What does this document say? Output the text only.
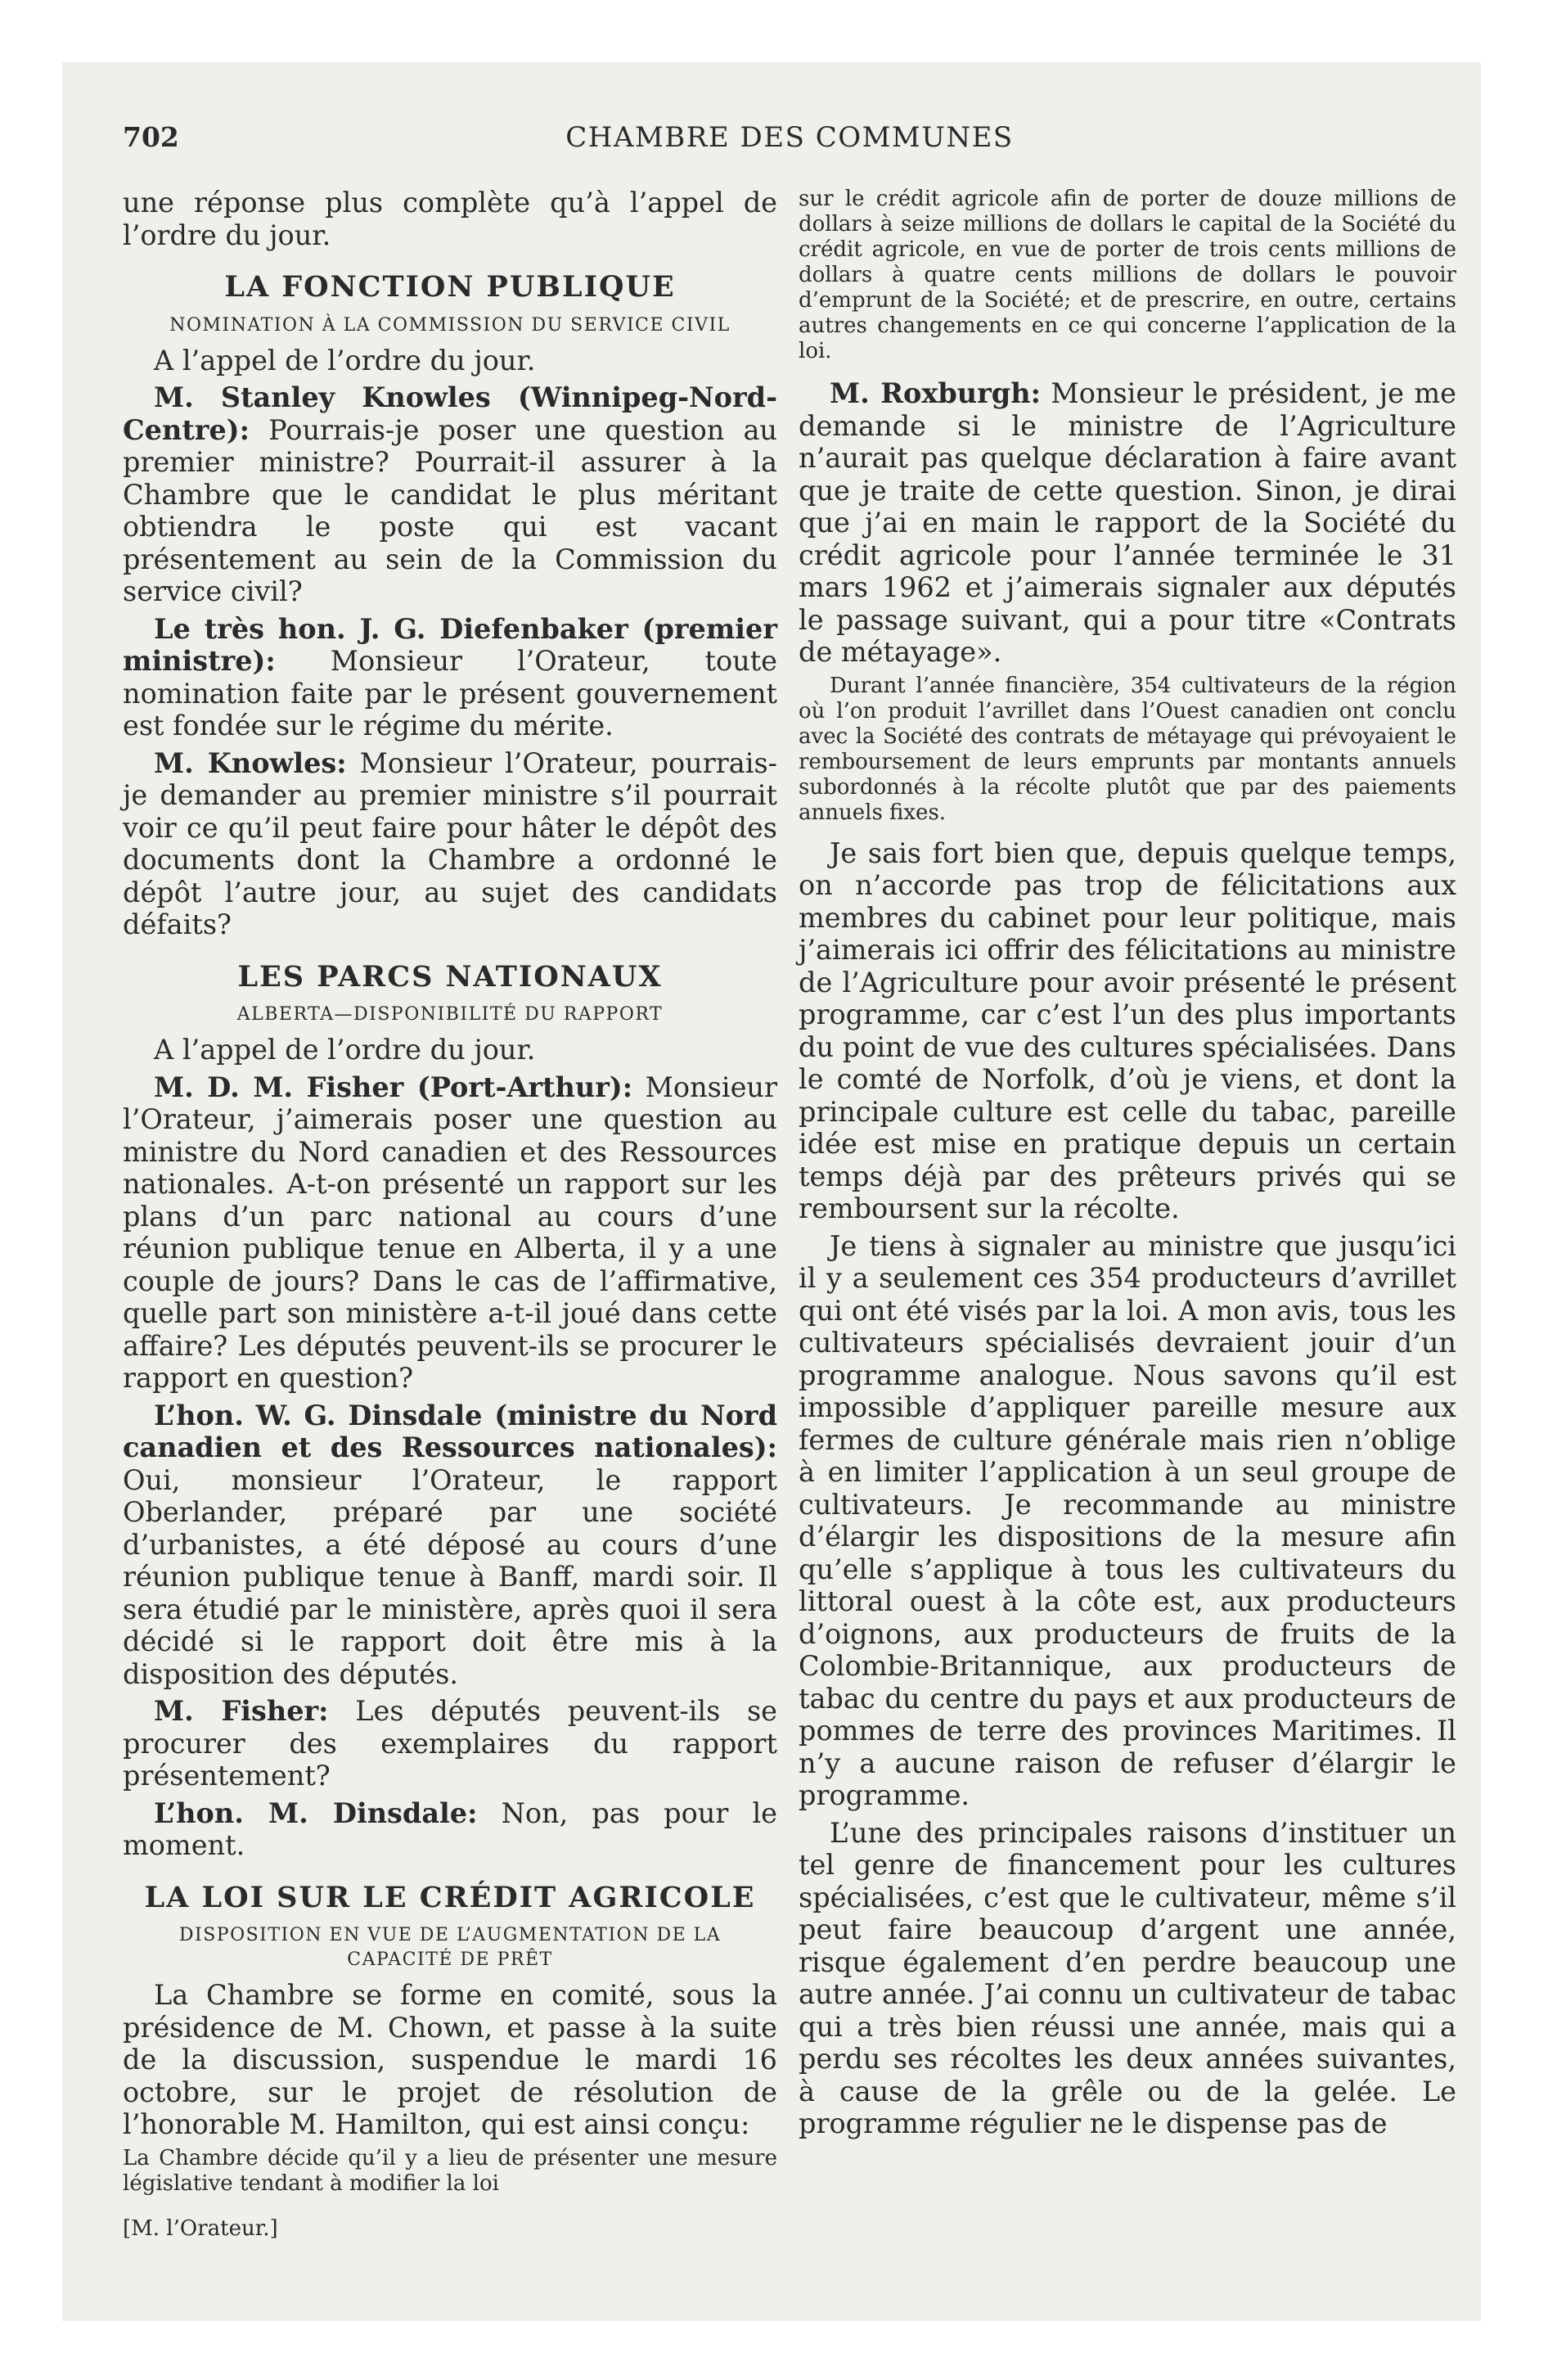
702	CHAMBRE DES COMMUNES

une réponse plus complète qu’à l’appel de l’ordre du jour.

LA FONCTION PUBLIQUE
NOMINATION À LA COMMISSION DU SERVICE CIVIL

A l’appel de l’ordre du jour.

M. Stanley Knowles (Winnipeg-Nord-Centre): Pourrais-je poser une question au premier ministre? Pourrait-il assurer à la Chambre que le candidat le plus méritant obtiendra le poste qui est vacant présentement au sein de la Commission du service civil?

Le très hon. J. G. Diefenbaker (premier ministre): Monsieur l’Orateur, toute nomination faite par le présent gouvernement est fondée sur le régime du mérite.

M. Knowles: Monsieur l’Orateur, pourrais-je demander au premier ministre s’il pourrait voir ce qu’il peut faire pour hâter le dépôt des documents dont la Chambre a ordonné le dépôt l’autre jour, au sujet des candidats défaits?

LES PARCS NATIONAUX
ALBERTA—DISPONIBILITÉ DU RAPPORT

A l’appel de l’ordre du jour.

M. D. M. Fisher (Port-Arthur): Monsieur l’Orateur, j’aimerais poser une question au ministre du Nord canadien et des Ressources nationales. A-t-on présenté un rapport sur les plans d’un parc national au cours d’une réunion publique tenue en Alberta, il y a une couple de jours? Dans le cas de l’affirmative, quelle part son ministère a-t-il joué dans cette affaire? Les députés peuvent-ils se procurer le rapport en question?

L’hon. W. G. Dinsdale (ministre du Nord canadien et des Ressources nationales): Oui, monsieur l’Orateur, le rapport Oberlander, préparé par une société d’urbanistes, a été déposé au cours d’une réunion publique tenue à Banff, mardi soir. Il sera étudié par le ministère, après quoi il sera décidé si le rapport doit être mis à la disposition des députés.

M. Fisher: Les députés peuvent-ils se procurer des exemplaires du rapport présentement?

L’hon. M. Dinsdale: Non, pas pour le moment.

LA LOI SUR LE CRÉDIT AGRICOLE
DISPOSITION EN VUE DE L’AUGMENTATION DE LA CAPACITÉ DE PRÊT

La Chambre se forme en comité, sous la présidence de M. Chown, et passe à la suite de la discussion, suspendue le mardi 16 octobre, sur le projet de résolution de l’honorable M. Hamilton, qui est ainsi conçu:

La Chambre décide qu’il y a lieu de présenter une mesure législative tendant à modifier la loi

[M. l’Orateur.]

sur le crédit agricole afin de porter de douze millions de dollars à seize millions de dollars le capital de la Société du crédit agricole, en vue de porter de trois cents millions de dollars à quatre cents millions de dollars le pouvoir d’emprunt de la Société; et de prescrire, en outre, certains autres changements en ce qui concerne l’application de la loi.

M. Roxburgh: Monsieur le président, je me demande si le ministre de l’Agriculture n’aurait pas quelque déclaration à faire avant que je traite de cette question. Sinon, je dirai que j’ai en main le rapport de la Société du crédit agricole pour l’année terminée le 31 mars 1962 et j’aimerais signaler aux députés le passage suivant, qui a pour titre «Contrats de métayage».

Durant l’année financière, 354 cultivateurs de la région où l’on produit l’avrillet dans l’Ouest canadien ont conclu avec la Société des contrats de métayage qui prévoyaient le remboursement de leurs emprunts par montants annuels subordonnés à la récolte plutôt que par des paiements annuels fixes.

Je sais fort bien que, depuis quelque temps, on n’accorde pas trop de félicitations aux membres du cabinet pour leur politique, mais j’aimerais ici offrir des félicitations au ministre de l’Agriculture pour avoir présenté le présent programme, car c’est l’un des plus importants du point de vue des cultures spécialisées. Dans le comté de Norfolk, d’où je viens, et dont la principale culture est celle du tabac, pareille idée est mise en pratique depuis un certain temps déjà par des prêteurs privés qui se remboursent sur la récolte.

Je tiens à signaler au ministre que jusqu’ici il y a seulement ces 354 producteurs d’avrillet qui ont été visés par la loi. A mon avis, tous les cultivateurs spécialisés devraient jouir d’un programme analogue. Nous savons qu’il est impossible d’appliquer pareille mesure aux fermes de culture générale mais rien n’oblige à en limiter l’application à un seul groupe de cultivateurs. Je recommande au ministre d’élargir les dispositions de la mesure afin qu’elle s’applique à tous les cultivateurs du littoral ouest à la côte est, aux producteurs d’oignons, aux producteurs de fruits de la Colombie-Britannique, aux producteurs de tabac du centre du pays et aux producteurs de pommes de terre des provinces Maritimes. Il n’y a aucune raison de refuser d’élargir le programme.

L’une des principales raisons d’instituer un tel genre de financement pour les cultures spécialisées, c’est que le cultivateur, même s’il peut faire beaucoup d’argent une année, risque également d’en perdre beaucoup une autre année. J’ai connu un cultivateur de tabac qui a très bien réussi une année, mais qui a perdu ses récoltes les deux années suivantes, à cause de la grêle ou de la gelée. Le programme régulier ne le dispense pas de
